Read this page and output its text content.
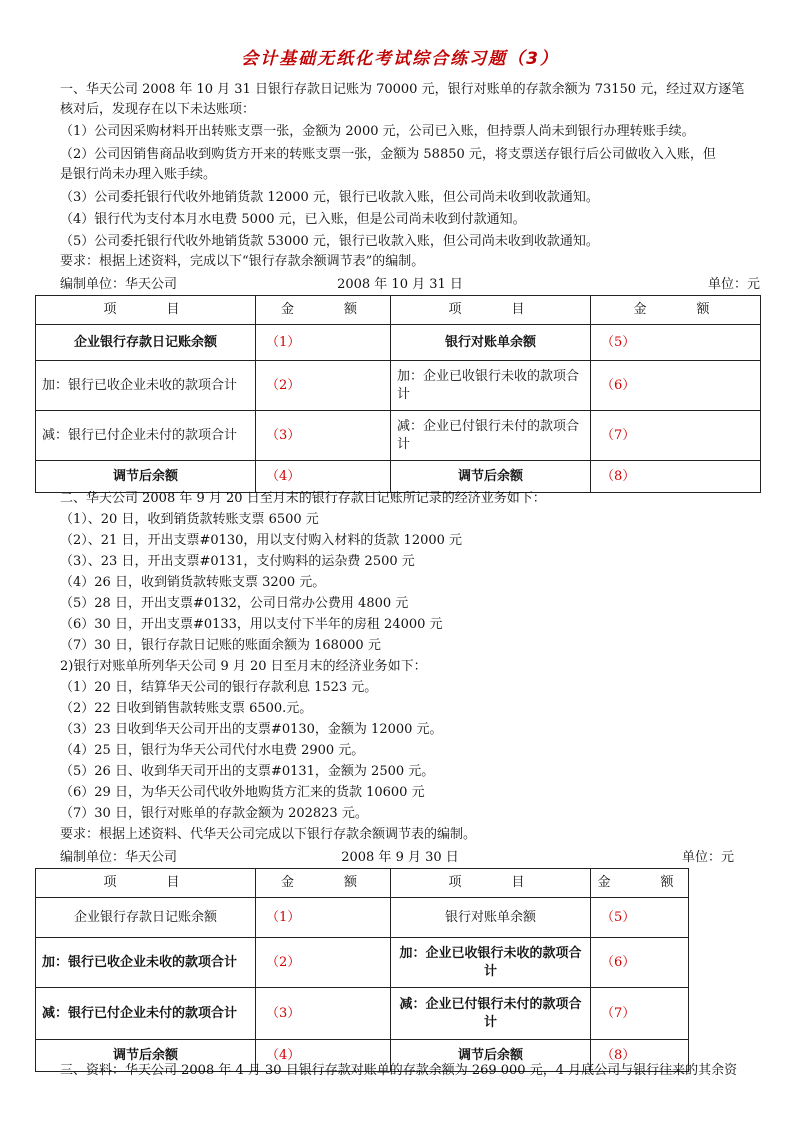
会计基础无纸化考试综合练习题（3）
一、华天公司 2008 年 10 月 31 日银行存款日记账为 70000 元，银行对账单的存款余额为 73150 元，经过双方逐笔
核对后，发现存在以下未达账项：
（1）公司因采购材料开出转账支票一张，金额为 2000 元，公司已入账，但持票人尚未到银行办理转账手续。
（2）公司因销售商品收到购货方开来的转账支票一张，金额为 58850 元，将支票送存银行后公司做收入入账，但
是银行尚未办理入账手续。
（3）公司委托银行代收外地销货款 12000 元，银行已收款入账，但公司尚未收到收款通知。
（4）银行代为支付本月水电费 5000 元，已入账，但是公司尚未收到付款通知。
（5）公司委托银行代收外地销货款 53000 元，银行已收款入账，但公司尚未收到收款通知。
要求：根据上述资料，完成以下“银行存款余额调节表”的编制。
编制单位：华天公司	2008 年 10 月 31 日	单位：元
项　　目	金　　额	项　　目	金　　额
企业银行存款日记账余额	（1）	银行对账单余额	（5）
加：银行已收企业未收的款项合计	（2）	加：企业已收银行未收的款项合计	（6）
减：银行已付企业未付的款项合计	（3）	减：企业已付银行未付的款项合计	（7）
调节后余额	（4）	调节后余额	（8）
二、华天公司 2008 年 9 月 20 日至月末的银行存款日记账所记录的经济业务如下：
（1）、20 日，收到销货款转账支票 6500 元
（2）、21 日，开出支票#0130，用以支付购入材料的货款 12000 元
（3）、23 日，开出支票#0131，支付购料的运杂费 2500 元
（4）26 日，收到销货款转账支票 3200 元。
（5）28 日，开出支票#0132，公司日常办公费用 4800 元
（6）30 日，开出支票#0133，用以支付下半年的房租 24000 元
（7）30 日，银行存款日记账的账面余额为 168000 元
2)银行对账单所列华天公司 9 月 20 日至月末的经济业务如下：
（1）20 日，结算华天公司的银行存款利息 1523 元。
（2）22 日收到销售款转账支票 6500.元。
（3）23 日收到华天公司开出的支票#0130，金额为 12000 元。
（4）25 日，银行为华天公司代付水电费 2900 元。
（5）26 日、收到华天司开出的支票#0131，金额为 2500 元。
（6）29 日，为华天公司代收外地购货方汇来的货款 10600 元
（7）30 日，银行对账单的存款金额为 202823 元。
要求：根据上述资料、代华天公司完成以下银行存款余额调节表的编制。
编制单位：华天公司	2008 年 9 月 30 日	单位：元
项　　目	金　　额	项　　目	金　　额
企业银行存款日记账余额	（1）	银行对账单余额	（5）
加：银行已收企业未收的款项合计	（2）	加：企业已收银行未收的款项合计	（6）
减：银行已付企业未付的款项合计	（3）	减：企业已付银行未付的款项合计	（7）
调节后余额	（4）	调节后余额	（8）
三、资料：华天公司 2008 年 4 月 30 日银行存款对账单的存款余额为 269 000 元，4 月底公司与银行往来的其余资
